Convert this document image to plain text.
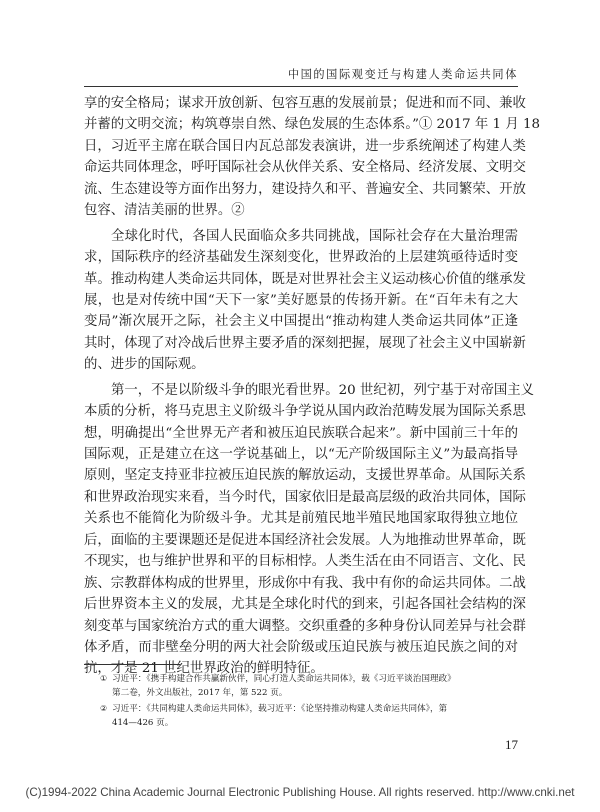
中国的国际观变迁与构建人类命运共同体
享的安全格局；谋求开放创新、包容互惠的发展前景；促进和而不同、兼收
并蓄的文明交流；构筑尊崇自然、绿色发展的生态体系。”① 2017 年 1 月 18
日，习近平主席在联合国日内瓦总部发表演讲，进一步系统阐述了构建人类
命运共同体理念，呼吁国际社会从伙伴关系、安全格局、经济发展、文明交
流、生态建设等方面作出努力，建设持久和平、普遍安全、共同繁荣、开放
包容、清洁美丽的世界。②
全球化时代，各国人民面临众多共同挑战，国际社会存在大量治理需
求，国际秩序的经济基础发生深刻变化，世界政治的上层建筑亟待适时变
革。推动构建人类命运共同体，既是对世界社会主义运动核心价值的继承发
展，也是对传统中国“天下一家”美好愿景的传扬开新。在“百年未有之大
变局”渐次展开之际，社会主义中国提出“推动构建人类命运共同体”正逢
其时，体现了对冷战后世界主要矛盾的深刻把握，展现了社会主义中国崭新
的、进步的国际观。
第一，不是以阶级斗争的眼光看世界。20 世纪初，列宁基于对帝国主义
本质的分析，将马克思主义阶级斗争学说从国内政治范畴发展为国际关系思
想，明确提出“全世界无产者和被压迫民族联合起来”。新中国前三十年的
国际观，正是建立在这一学说基础上，以“无产阶级国际主义”为最高指导
原则，坚定支持亚非拉被压迫民族的解放运动，支援世界革命。从国际关系
和世界政治现实来看，当今时代，国家依旧是最高层级的政治共同体，国际
关系也不能简化为阶级斗争。尤其是前殖民地半殖民地国家取得独立地位
后，面临的主要课题还是促进本国经济社会发展。人为地推动世界革命，既
不现实，也与维护世界和平的目标相悖。人类生活在由不同语言、文化、民
族、宗教群体构成的世界里，形成你中有我、我中有你的命运共同体。二战
后世界资本主义的发展，尤其是全球化时代的到来，引起各国社会结构的深
刻变革与国家统治方式的重大调整。交织重叠的多种身份认同差异与社会群
体矛盾，而非壁垒分明的两大社会阶级或压迫民族与被压迫民族之间的对
抗，才是 21 世纪世界政治的鲜明特征。
① 习近平：《携手构建合作共赢新伙伴，同心打造人类命运共同体》，载《习近平谈治国理政》
第二卷，外文出版社，2017 年，第 522 页。
② 习近平：《共同构建人类命运共同体》，载习近平：《论坚持推动构建人类命运共同体》，第
414—426 页。
17
(C)1994-2022 China Academic Journal Electronic Publishing House. All rights reserved. http://www.cnki.net
